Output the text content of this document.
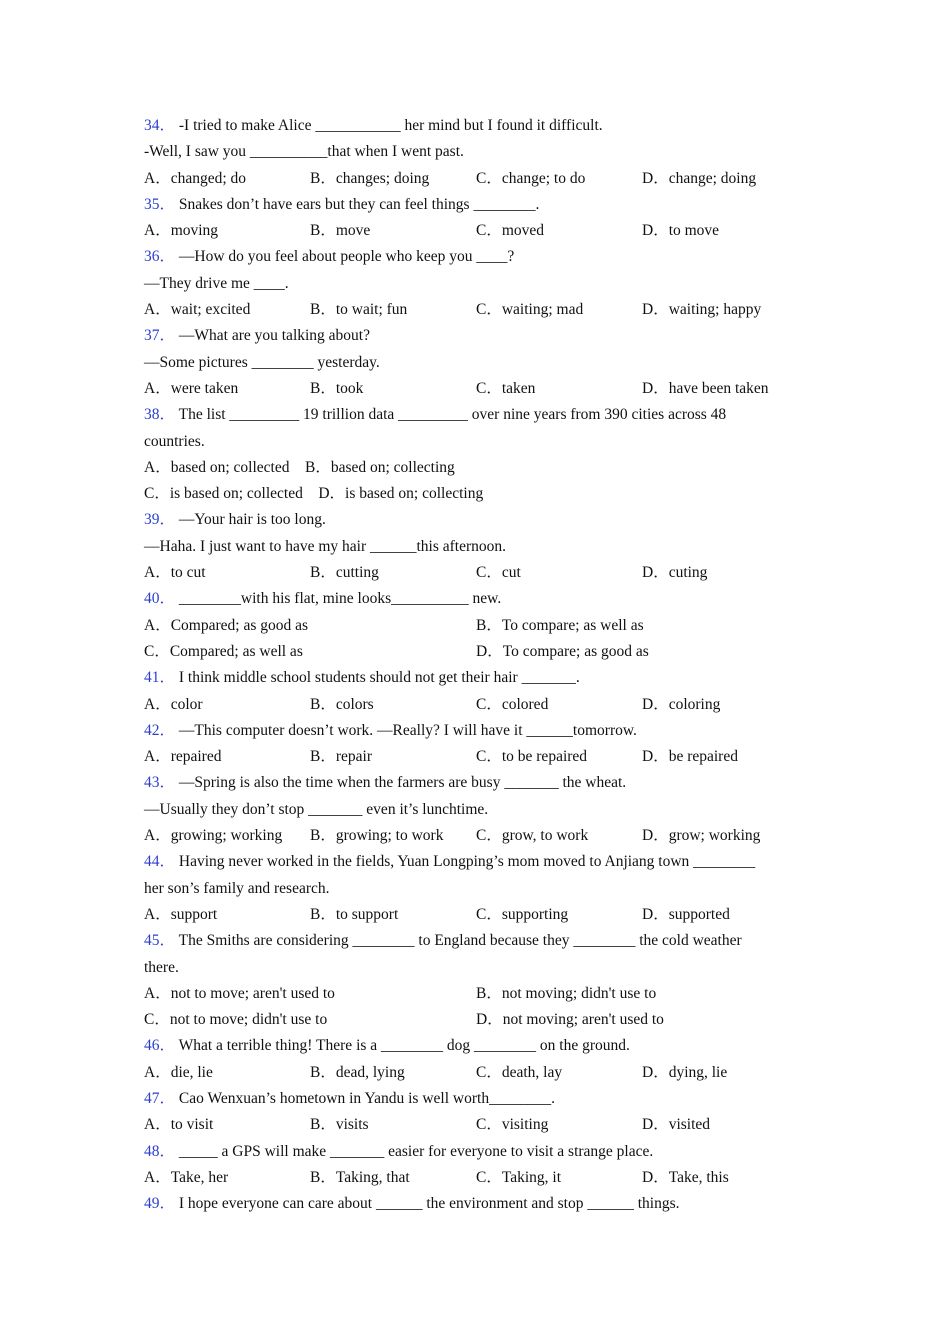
34． -I tried to make Alice ___________ her mind but I found it difficult.
-Well, I saw you __________that when I went past.
A．changed; do	B．changes; doing	C．change; to do	D．change; doing
35． Snakes don’t have ears but they can feel things ________.
A．moving	B．move	C．moved	D．to move
36． —How do you feel about people who keep you ____?
—They drive me ____.
A．wait; excited	B．to wait; fun	C．waiting; mad	D．waiting; happy
37． —What are you talking about?
—Some pictures ________ yesterday.
A．were taken	B．took	C．taken	D．have been taken
38． The list _________ 19 trillion data _________ over nine years from 390 cities across 48
countries.
A．based on; collected    B．based on; collecting
C．is based on; collected    D．is based on; collecting
39． —Your hair is too long.
—Haha. I just want to have my hair ______this afternoon.
A．to cut	B．cutting	C．cut	D．cuting
40． ________with his flat, mine looks__________ new.
A．Compared; as good as	B．To compare; as well as
C．Compared; as well as	D．To compare; as good as
41． I think middle school students should not get their hair _______.
A．color	B．colors	C．colored	D．coloring
42． —This computer doesn’t work. —Really? I will have it ______tomorrow.
A．repaired	B．repair	C．to be repaired	D．be repaired
43． —Spring is also the time when the farmers are busy _______ the wheat.
—Usually they don’t stop _______ even it’s lunchtime.
A．growing; working B．growing; to work C．grow, to work	D．grow; working
44． Having never worked in the fields, Yuan Longping’s mom moved to Anjiang town ________
her son’s family and research.
A．support	B．to support	C．supporting	D．supported
45． The Smiths are considering ________ to England because they ________ the cold weather
there.
A．not to move; aren't used to	B．not moving; didn't use to
C．not to move; didn't use to	D．not moving; aren't used to
46． What a terrible thing! There is a ________ dog ________ on the ground.
A．die, lie	B．dead, lying	C．death, lay	D．dying, lie
47． Cao Wenxuan’s hometown in Yandu is well worth________.
A．to visit	B．visits	C．visiting	D．visited
48． _____ a GPS will make _______ easier for everyone to visit a strange place.
A．Take, her	B．Taking, that	C．Taking, it	D．Take, this
49． I hope everyone can care about ______ the environment and stop ______ things.
